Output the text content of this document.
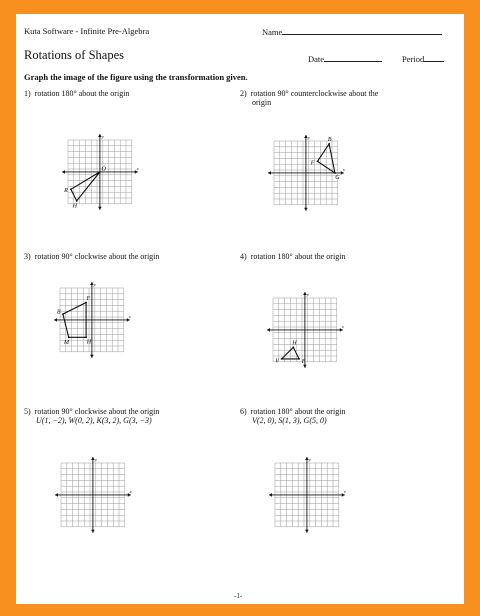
Kuta Software - Infinite Pre-Algebra	Name
Rotations of Shapes	Date	Period
Graph the image of the figure using the transformation given.
1) rotation 180° about the origin	2) rotation 90° counterclockwise about the
origin
3) rotation 90° clockwise about the origin	4) rotation 180° about the origin
5) rotation 90° clockwise about the origin
U(1, −2), W(0, 2), K(3, 2), G(3, −3)
6) rotation 180° about the origin
V(2, 0), S(1, 3), G(5, 0)
x
y
O
R
H
x
y	B
F
G
x
y
F
B
M	H
x
y
H
V	F
x
y
x
y
-1-
